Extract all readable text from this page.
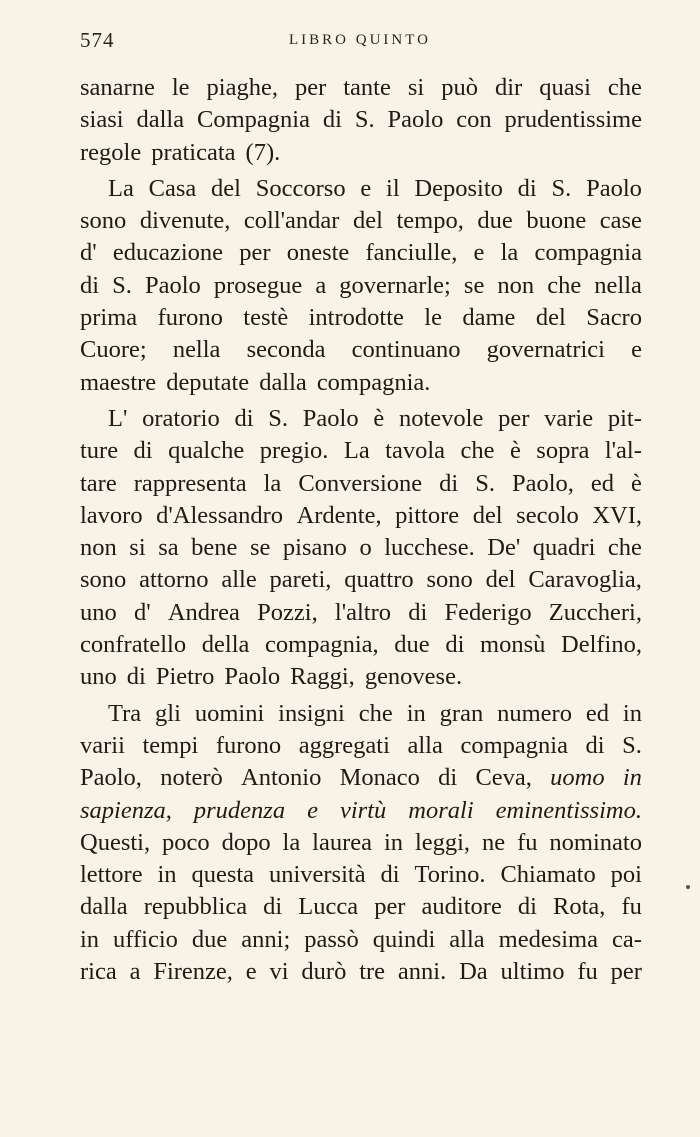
574	LIBRO QUINTO
sanarne le piaghe, per tante si può dir quasi che
siasi dalla Compagnia di S. Paolo con prudentissime
regole praticata (7).
La Casa del Soccorso e il Deposito di S. Paolo
sono divenute, coll'andar del tempo, due buone case
d' educazione per oneste fanciulle, e la compagnia
di S. Paolo prosegue a governarle; se non che nella
prima furono testè introdotte le dame del Sacro
Cuore; nella seconda continuano governatrici e
maestre deputate dalla compagnia.
L' oratorio di S. Paolo è notevole per varie pit-
ture di qualche pregio. La tavola che è sopra l'al-
tare rappresenta la Conversione di S. Paolo, ed è
lavoro d'Alessandro Ardente, pittore del secolo XVI,
non si sa bene se pisano o lucchese. De' quadri che
sono attorno alle pareti, quattro sono del Caravoglia,
uno d' Andrea Pozzi, l'altro di Federigo Zuccheri,
confratello della compagnia, due di monsù Delfino,
uno di Pietro Paolo Raggi, genovese.
Tra gli uomini insigni che in gran numero ed in
varii tempi furono aggregati alla compagnia di S.
Paolo, noterò Antonio Monaco di Ceva, uomo in
sapienza, prudenza e virtù morali eminentissimo.
Questi, poco dopo la laurea in leggi, ne fu nominato
lettore in questa università di Torino. Chiamato poi
dalla repubblica di Lucca per auditore di Rota, fu
in ufficio due anni; passò quindi alla medesima ca-
rica a Firenze, e vi durò tre anni. Da ultimo fu per
